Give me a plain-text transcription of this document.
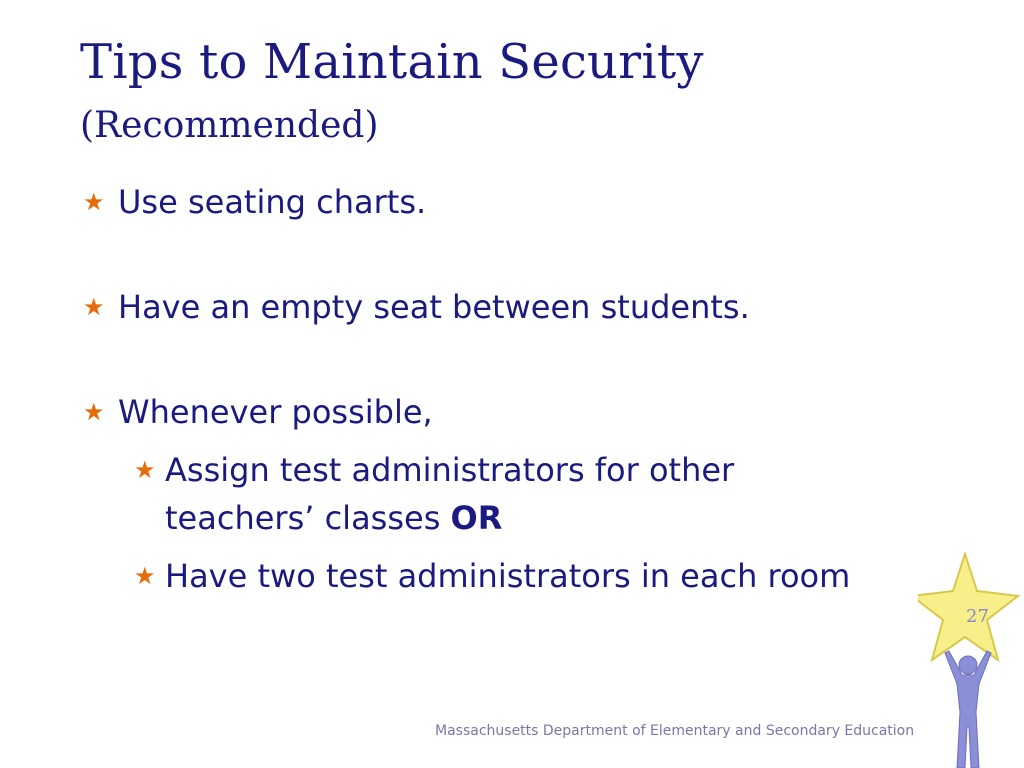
Tips to Maintain Security
(Recommended)
★ Use seating charts.
★ Have an empty seat between students.
★ Whenever possible,
★ Assign test administrators for other
teachers’ classes OR
★ Have two test administrators in each room
27
Massachusetts Department of Elementary and Secondary Education
